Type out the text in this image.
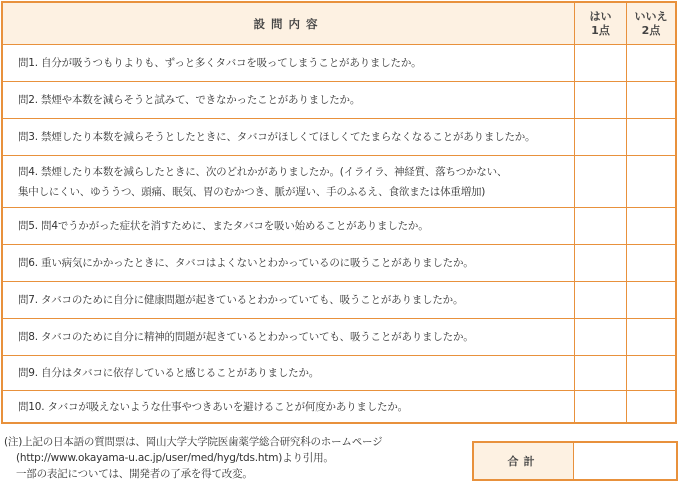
設問内容
はい
1点
いいえ
2点
問1. 自分が吸うつもりよりも、ずっと多くタバコを吸ってしまうことがありましたか。
問2. 禁煙や本数を減らそうと試みて、できなかったことがありましたか。
問3. 禁煙したり本数を減らそうとしたときに、タバコがほしくてほしくてたまらなくなることがありましたか。
問4. 禁煙したり本数を減らしたときに、次のどれかがありましたか。(イライラ、神経質、落ちつかない、
集中しにくい、ゆううつ、頭痛、眠気、胃のむかつき、脈が遅い、手のふるえ、食欲または体重増加)
問5. 問4でうかがった症状を消すために、またタバコを吸い始めることがありましたか。
問6. 重い病気にかかったときに、タバコはよくないとわかっているのに吸うことがありましたか。
問7. タバコのために自分に健康問題が起きているとわかっていても、吸うことがありましたか。
問8. タバコのために自分に精神的問題が起きているとわかっていても、吸うことがありましたか。
問9. 自分はタバコに依存していると感じることがありましたか。
問10. タバコが吸えないような仕事やつきあいを避けることが何度かありましたか。
(注)上記の日本語の質問票は、岡山大学大学院医歯薬学総合研究科のホームページ
(http://www.okayama-u.ac.jp/user/med/hyg/tds.htm)より引用。
一部の表記については、開発者の了承を得て改変。
合計
